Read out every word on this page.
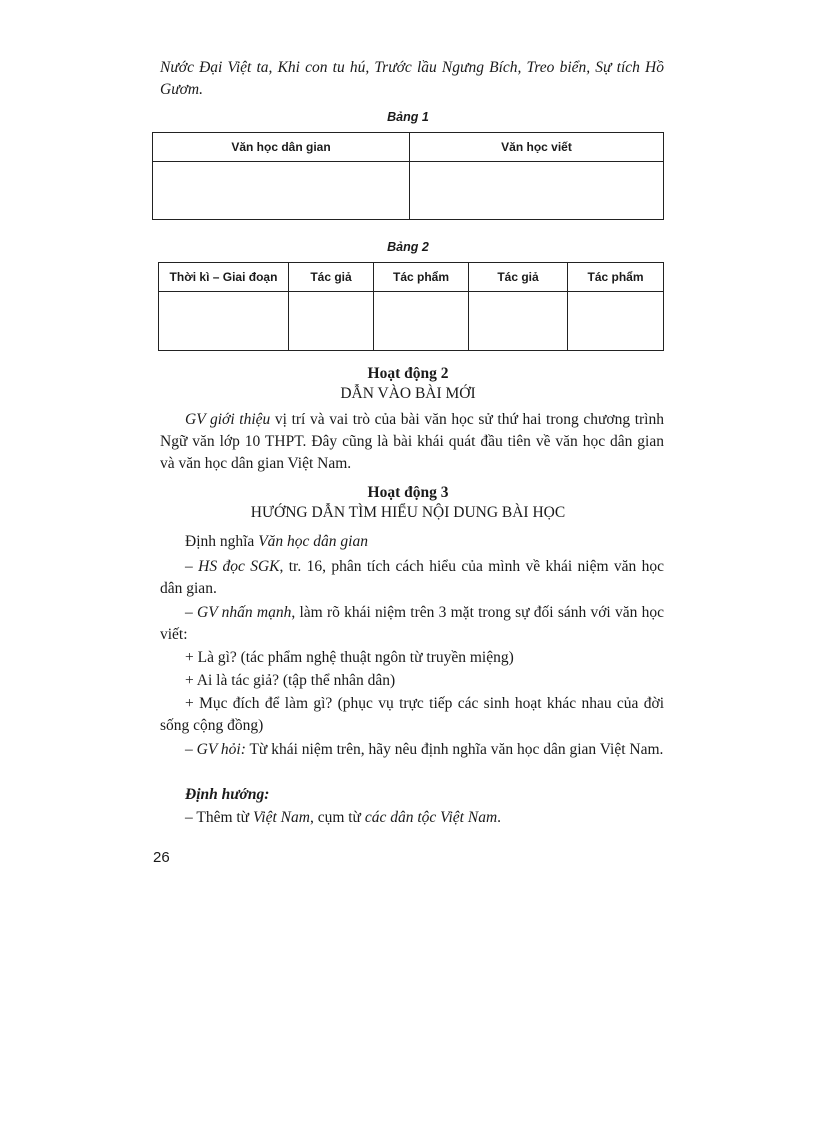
Nước Đại Việt ta, Khi con tu hú, Trước lầu Ngưng Bích, Treo biển, Sự tích Hồ Gươm.
Bảng 1
Văn học dân gian	Văn học viết

Bảng 2
Thời kì – Giai đoạn	Tác giả	Tác phẩm	Tác giả	Tác phẩm

Hoạt động 2
DẪN VÀO BÀI MỚI
GV giới thiệu vị trí và vai trò của bài văn học sử thứ hai trong chương trình Ngữ văn lớp 10 THPT. Đây cũng là bài khái quát đầu tiên về văn học dân gian và văn học dân gian Việt Nam.
Hoạt động 3
HƯỚNG DẪN TÌM HIỂU NỘI DUNG BÀI HỌC
Định nghĩa Văn học dân gian
– HS đọc SGK, tr. 16, phân tích cách hiểu của mình về khái niệm văn học dân gian.
– GV nhấn mạnh, làm rõ khái niệm trên 3 mặt trong sự đối sánh với văn học viết:
+ Là gì? (tác phẩm nghệ thuật ngôn từ truyền miệng)
+ Ai là tác giả? (tập thể nhân dân)
+ Mục đích để làm gì? (phục vụ trực tiếp các sinh hoạt khác nhau của đời sống cộng đồng)
– GV hỏi: Từ khái niệm trên, hãy nêu định nghĩa văn học dân gian Việt Nam.
Định hướng:
– Thêm từ Việt Nam, cụm từ các dân tộc Việt Nam.
26
